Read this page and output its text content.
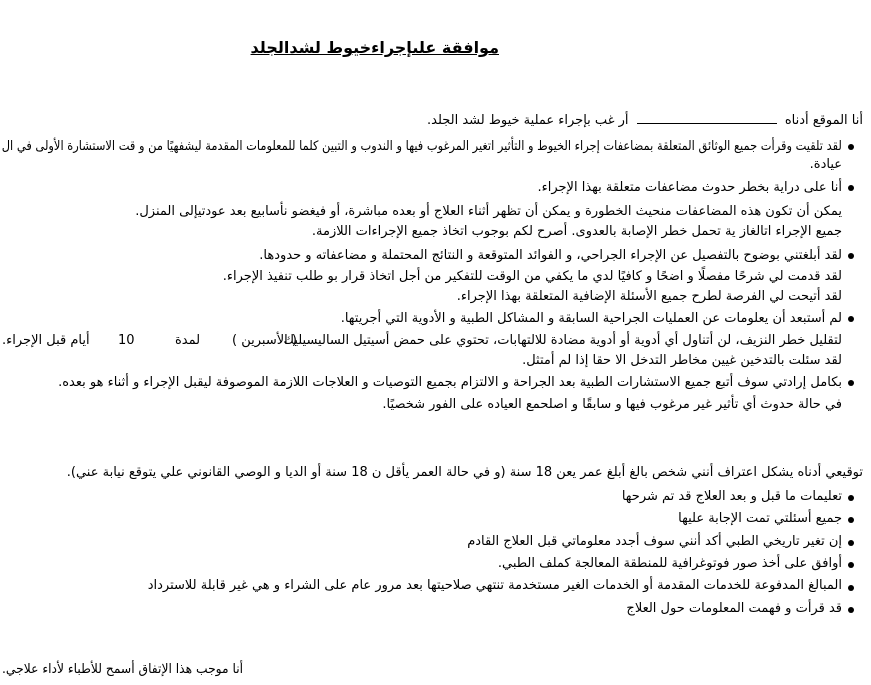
موافقة علىإجراءخيوط لشدالجلد
أنا الموقع أدناه  أر غب بإجراء عملية خيوط لشد الجلد.
لقد تلقيت وقرأت جميع الوثائق المتعلقة بمضاعفات إجراء الخيوط و التأثير اتغير المرغوب فيها و الندوب و التبين كلما للمعلومات المقدمة ليشفهيًا من و قت الاستشارة الأولى في ال
عيادة.
أنا على دراية بخطر حدوث مضاعفات متعلقة بهذا الإجراء.
يمكن أن تكون هذه المضاعفات منحيث الخطورة و يمكن أن تظهر أثناء العلاج أو بعده مباشرة، أو فيغضو نأسابيع بعد عودتيإلى المنزل.
جميع الإجراء اتالغاز ية تحمل خطر الإصابة بالعدوى. أصرح لكم بوجوب اتخاذ جميع الإجراءات اللازمة.
لقد أبلغتني بوضوح بالتفصيل عن الإجراء الجراحي، و الفوائد المتوقعة و النتائج المحتملة و مضاعفاته و حدودها.
لقد قدمت لي شرحًا مفصلًا و اضحًا و كافيًا لدي ما يكفي من الوقت للتفكير من أجل اتخاذ قرار بو طلب تنفيذ الإجراء.
لقد أتيحت لي الفرصة لطرح جميع الأسئلة الإضافية المتعلقة بهذا الإجراء.
لم أستبعد أن يعلومات عن العمليات الجراحية السابقة و المشاكل الطبية و الأدوية التي أجريتها.
لتقليل خطر النزيف، لن أتناول أي أدوية أو أدوية مضادة للالتهابات، تحتوي على حمض أسيتيل الساليسيليك
( الأسبرين )
لمدة
10
أيام قبل الإجراء.
لقد سئلت بالتدخين غيين مخاطر التدخل الا حقا إذا لم أمتثل.
بكامل إرادتي سوف أتبع جميع الاستشارات الطبية بعد الجراحة و الالتزام بجميع التوصيات و العلاجات اللازمة الموصوفة ليقبل الإجراء و أثناء هو بعده.
في حالة حدوث أي تأثير غير مرغوب فيها و سابقًا و اصلحمع العياده على الفور شخصيًا.
توقيعي أدناه يشكل اعتراف أنني شخص بالغ أبلغ عمر يعن 18 سنة (و في حالة العمر يأقل ن 18 سنة أو الديا و الوصي القانوني علي يتوقع نيابة عني).
تعليمات ما قبل و بعد العلاج قد تم شرحها
جميع أسئلتي تمت الإجابة عليها
إن تغير تاريخي الطبي أكد أنني سوف أجدد معلوماتي قبل العلاج القادم
أوافق على أخذ صور فوتوغرافية للمنطقة المعالجة كملف الطبي.
المبالغ المدفوعة للخدمات المقدمة أو الخدمات الغير مستخدمة تنتهي صلاحيتها بعد مرور عام على الشراء و هي غير قابلة للاسترداد
قد قرأت و فهمت المعلومات حول العلاج
أنا موجب هذا الإتفاق أسمح للأطباء لأداء علاجي.
